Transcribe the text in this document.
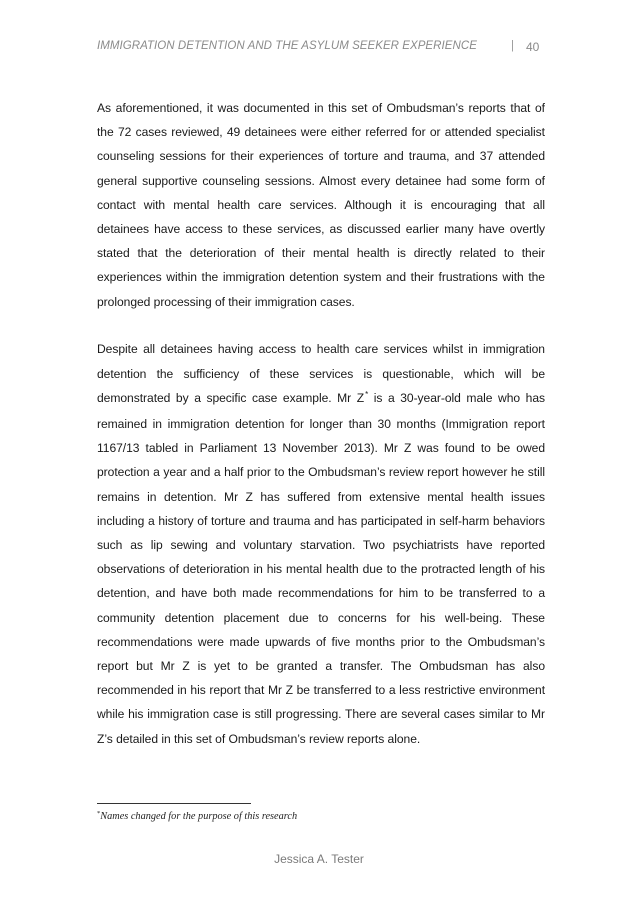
IMMIGRATION DETENTION AND THE ASYLUM SEEKER EXPERIENCE	| 40

As aforementioned, it was documented in this set of Ombudsman’s reports that of the 72 cases reviewed, 49 detainees were either referred for or attended specialist counseling sessions for their experiences of torture and trauma, and 37 attended general supportive counseling sessions. Almost every detainee had some form of contact with mental health care services. Although it is encouraging that all detainees have access to these services, as discussed earlier many have overtly stated that the deterioration of their mental health is directly related to their experiences within the immigration detention system and their frustrations with the prolonged processing of their immigration cases.

Despite all detainees having access to health care services whilst in immigration detention the sufficiency of these services is questionable, which will be demonstrated by a specific case example. Mr Z* is a 30-year-old male who has remained in immigration detention for longer than 30 months (Immigration report 1167/13 tabled in Parliament 13 November 2013). Mr Z was found to be owed protection a year and a half prior to the Ombudsman’s review report however he still remains in detention. Mr Z has suffered from extensive mental health issues including a history of torture and trauma and has participated in self-harm behaviors such as lip sewing and voluntary starvation. Two psychiatrists have reported observations of deterioration in his mental health due to the protracted length of his detention, and have both made recommendations for him to be transferred to a community detention placement due to concerns for his well-being. These recommendations were made upwards of five months prior to the Ombudsman’s report but Mr Z is yet to be granted a transfer. The Ombudsman has also recommended in his report that Mr Z be transferred to a less restrictive environment while his immigration case is still progressing. There are several cases similar to Mr Z’s detailed in this set of Ombudsman’s review reports alone.

*Names changed for the purpose of this research
Jessica A. Tester
